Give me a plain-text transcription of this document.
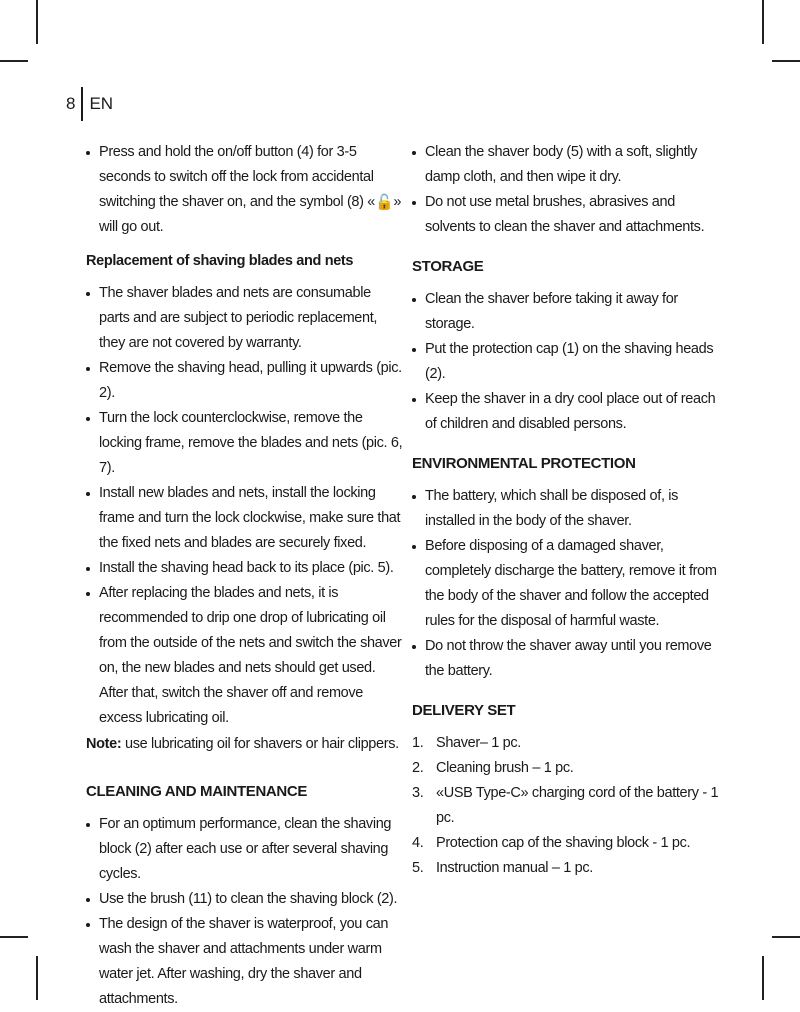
8 EN
Press and hold the on/off button (4) for 3-5 seconds to switch off the lock from accidental switching the shaver on, and the symbol (8) «🔓» will go out.
Replacement of shaving blades and nets
The shaver blades and nets are consumable parts and are subject to periodic replacement, they are not covered by warranty.
Remove the shaving head, pulling it upwards (pic. 2).
Turn the lock counterclockwise, remove the locking frame, remove the blades and nets (pic. 6, 7).
Install new blades and nets, install the locking frame and turn the lock clockwise, make sure that the fixed nets and blades are securely fixed.
Install the shaving head back to its place (pic. 5).
After replacing the blades and nets, it is recommended to drip one drop of lubricating oil from the outside of the nets and switch the shaver on, the new blades and nets should get used. After that, switch the shaver off and remove excess lubricating oil.
Note: use lubricating oil for shavers or hair clippers.
CLEANING AND MAINTENANCE
For an optimum performance, clean the shaving block (2) after each use or after several shaving cycles.
Use the brush (11) to clean the shaving block (2).
The design of the shaver is waterproof, you can wash the shaver and attachments under warm water jet. After washing, dry the shaver and attachments.
Clean the shaver body (5) with a soft, slightly damp cloth, and then wipe it dry.
Do not use metal brushes, abrasives and solvents to clean the shaver and attachments.
STORAGE
Clean the shaver before taking it away for storage.
Put the protection cap (1) on the shaving heads (2).
Keep the shaver in a dry cool place out of reach of children and disabled persons.
ENVIRONMENTAL PROTECTION
The battery, which shall be disposed of, is installed in the body of the shaver.
Before disposing of a damaged shaver, completely discharge the battery, remove it from the body of the shaver and follow the accepted rules for the disposal of harmful waste.
Do not throw the shaver away until you remove the battery.
DELIVERY SET
1. Shaver– 1 pc.
2. Cleaning brush – 1 pc.
3. «USB Type-C» charging cord of the battery - 1 pc.
4. Protection cap of the shaving block - 1 pc.
5. Instruction manual – 1 pc.
